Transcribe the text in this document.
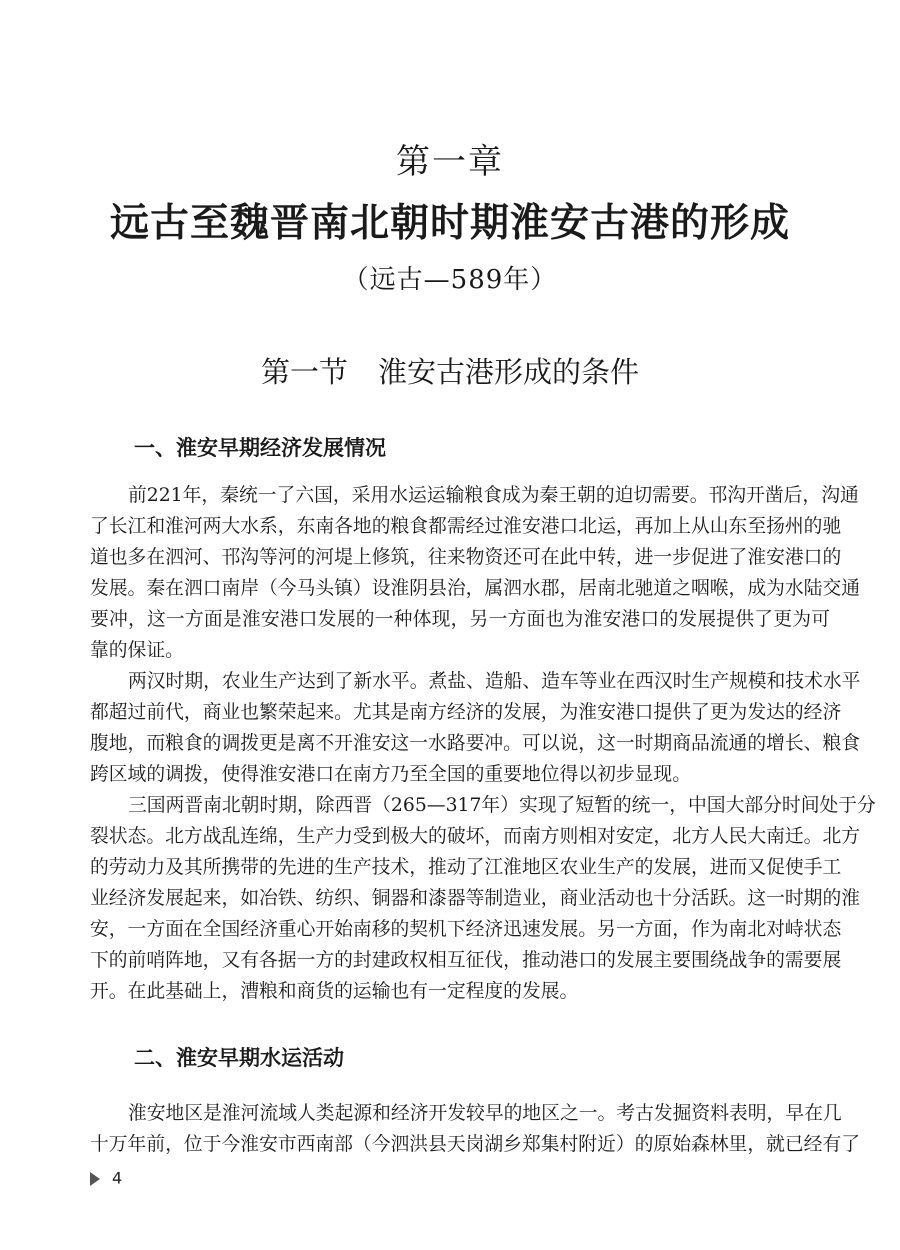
第一章
远古至魏晋南北朝时期淮安古港的形成
（远古—589年）
第一节 淮安古港形成的条件
一、淮安早期经济发展情况
前221年，秦统一了六国，采用水运运输粮食成为秦王朝的迫切需要。邗沟开凿后，沟通
了长江和淮河两大水系，东南各地的粮食都需经过淮安港口北运，再加上从山东至扬州的驰
道也多在泗河、邗沟等河的河堤上修筑，往来物资还可在此中转，进一步促进了淮安港口的
发展。秦在泗口南岸（今马头镇）设淮阴县治，属泗水郡，居南北驰道之咽喉，成为水陆交通
要冲，这一方面是淮安港口发展的一种体现，另一方面也为淮安港口的发展提供了更为可
靠的保证。
两汉时期，农业生产达到了新水平。煮盐、造船、造车等业在西汉时生产规模和技术水平
都超过前代，商业也繁荣起来。尤其是南方经济的发展，为淮安港口提供了更为发达的经济
腹地，而粮食的调拨更是离不开淮安这一水路要冲。可以说，这一时期商品流通的增长、粮食
跨区域的调拨，使得淮安港口在南方乃至全国的重要地位得以初步显现。
三国两晋南北朝时期，除西晋（265—317年）实现了短暂的统一，中国大部分时间处于分
裂状态。北方战乱连绵，生产力受到极大的破坏，而南方则相对安定，北方人民大南迁。北方
的劳动力及其所携带的先进的生产技术，推动了江淮地区农业生产的发展，进而又促使手工
业经济发展起来，如冶铁、纺织、铜器和漆器等制造业，商业活动也十分活跃。这一时期的淮
安，一方面在全国经济重心开始南移的契机下经济迅速发展。另一方面，作为南北对峙状态
下的前哨阵地，又有各据一方的封建政权相互征伐，推动港口的发展主要围绕战争的需要展
开。在此基础上，漕粮和商货的运输也有一定程度的发展。
二、淮安早期水运活动
淮安地区是淮河流域人类起源和经济开发较早的地区之一。考古发掘资料表明，早在几
十万年前，位于今淮安市西南部（今泗洪县天岗湖乡郑集村附近）的原始森林里，就已经有了
4
